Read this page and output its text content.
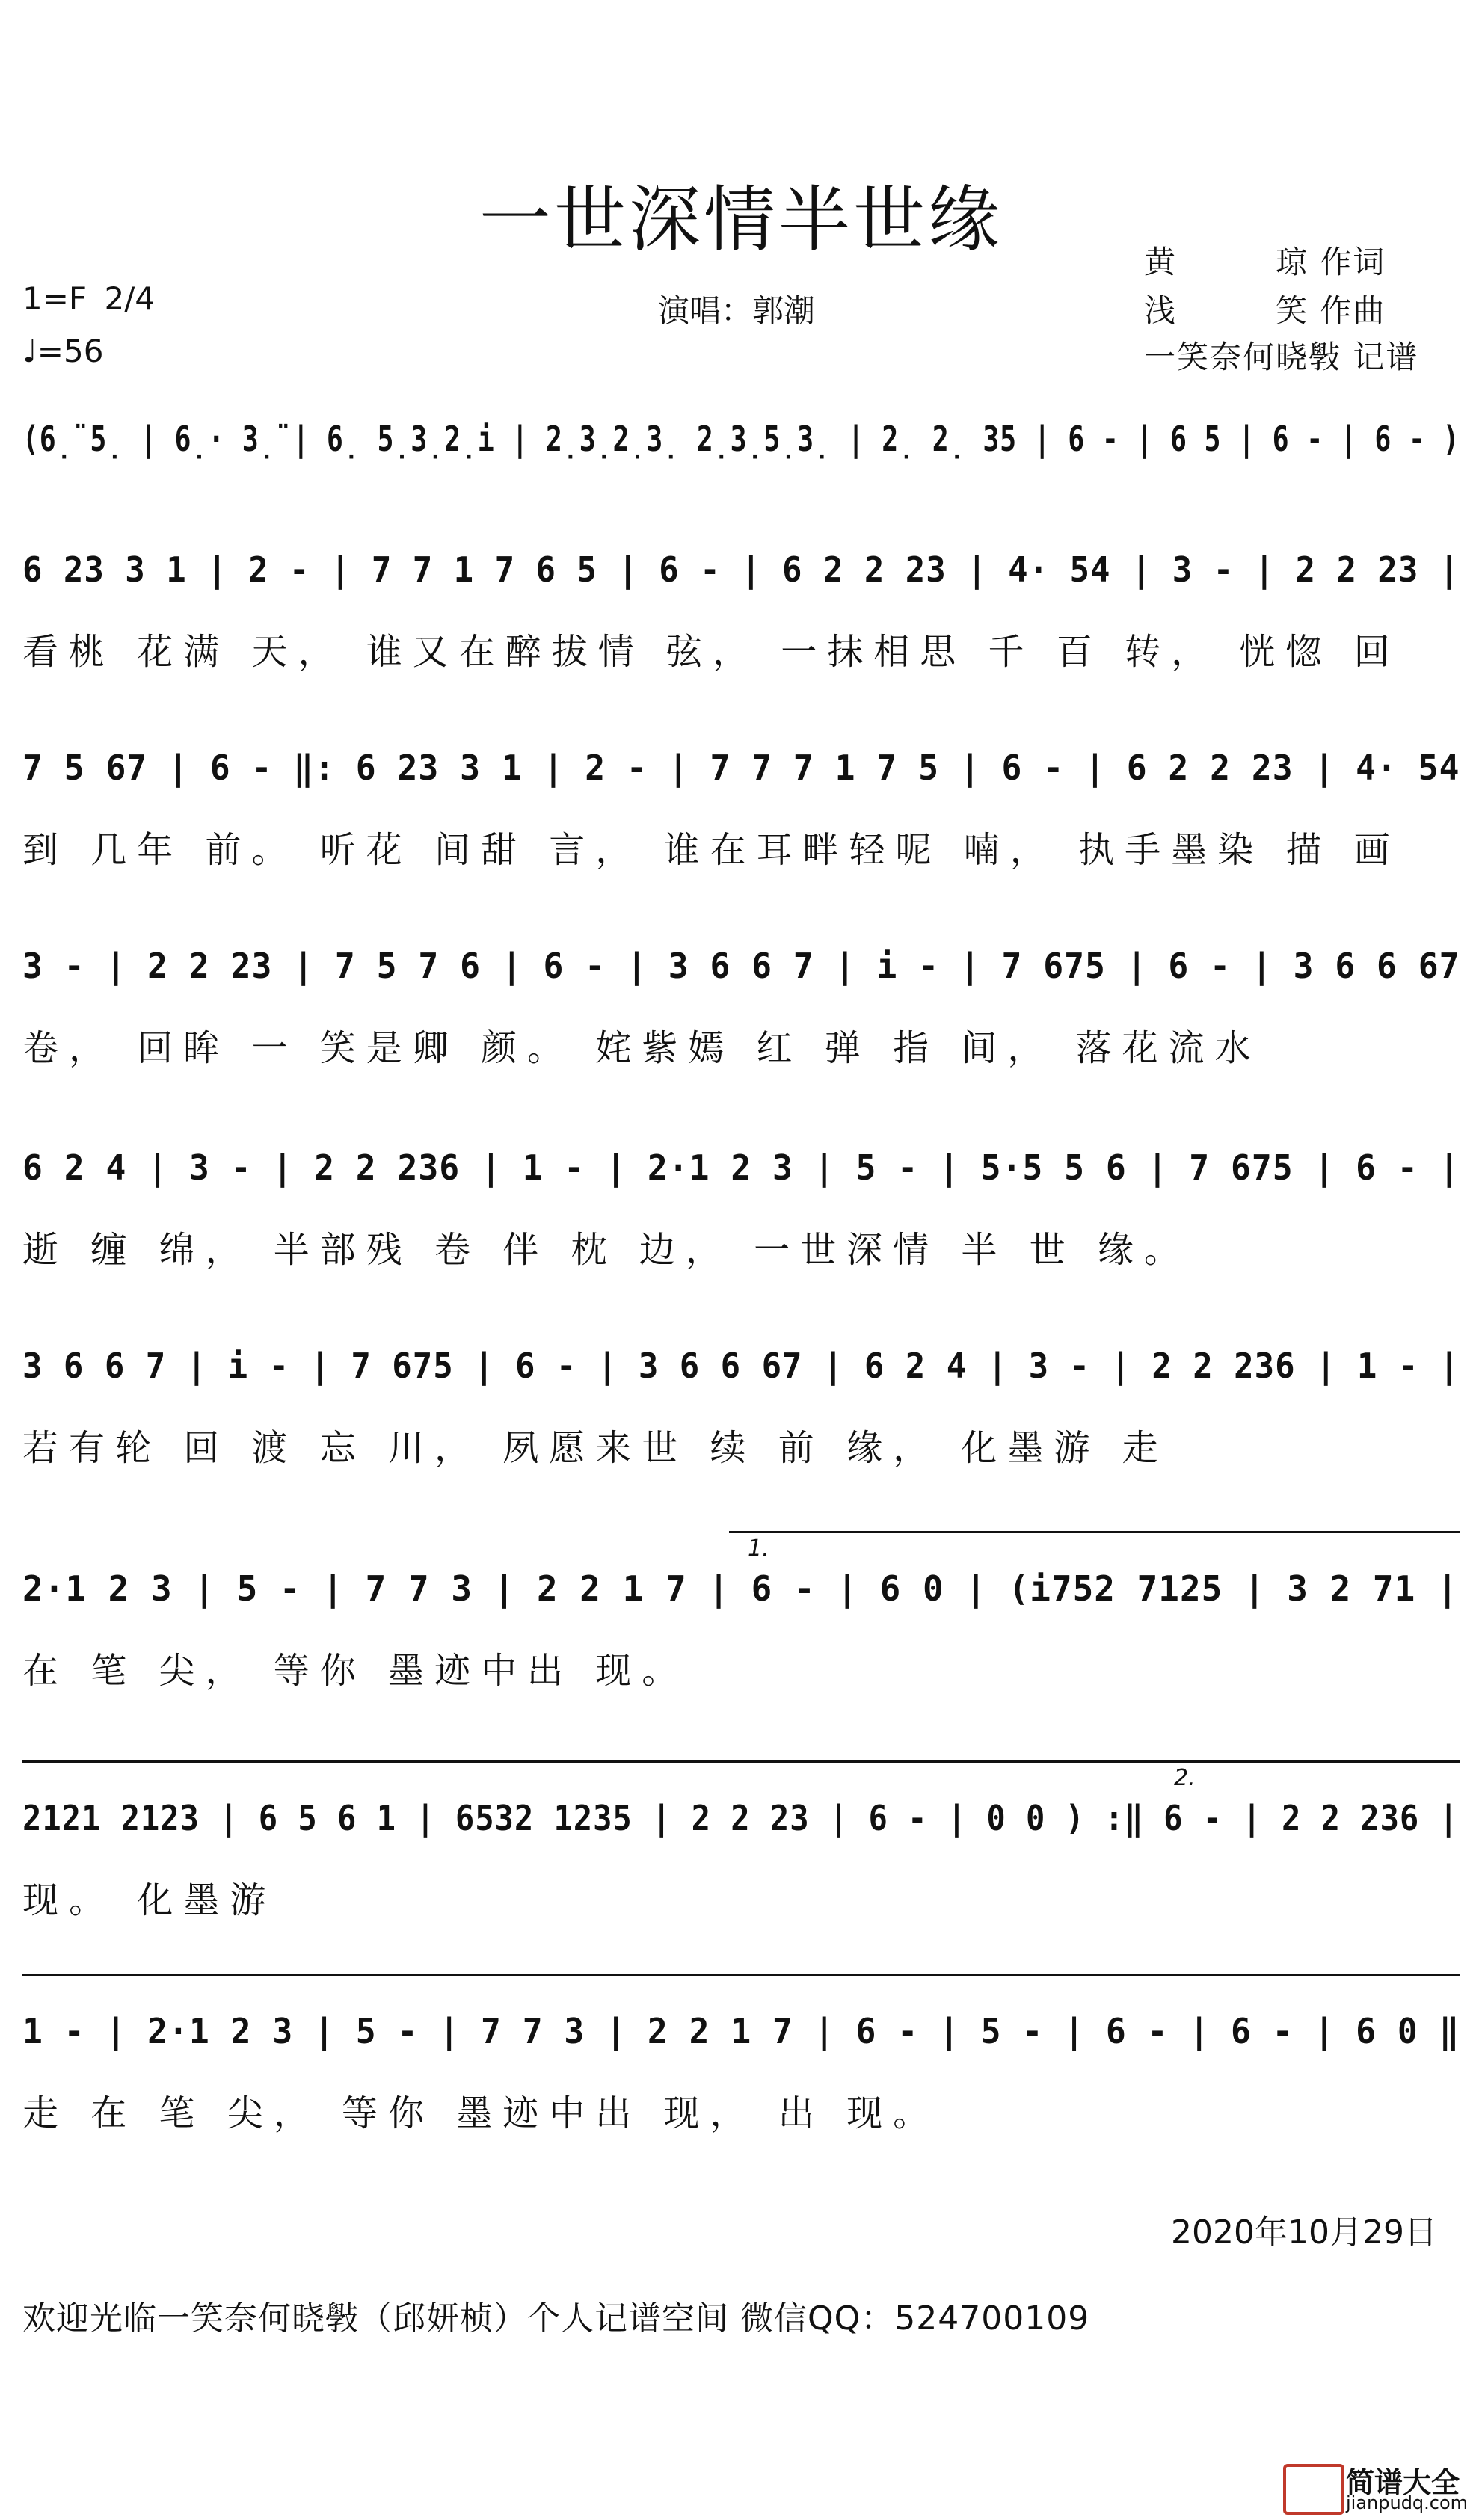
一世深情半世缘
1=F 2/4
♩=56
演唱：郭潮
黄　　　琼 作词
浅　　　笑 作曲
一笑奈何晓斅 记谱
(6̣̈ 5̣ | 6̣· 3̣̈ | 6̣ 5̣3̣2̣i | 2̣3̣2̣3̣ 2̣3̣5̣3̣ | 2̣ 2̣ 35 | 6 - | 6 5 | 6 - | 6 - )
6 23 3 1 | 2 - | 7 7 1 7 6 5 | 6 - | 6 2 2 23 | 4· 54 | 3 - | 2 2 23 |
看桃 花满 天， 谁又在醉拔情 弦， 一抹相思 千 百 转， 恍惚 回
7 5 67 | 6 - ‖: 6 23 3 1 | 2 - | 7 7 7 1 7 5 | 6 - | 6 2 2 23 | 4· 54
到 几年 前。 听花 间甜 言， 谁在耳畔轻呢 喃， 执手墨染 描 画
3 - | 2 2 23 | 7 5 7 6 | 6 - | 3 6 6 7 | i - | 7 675 | 6 - | 3 6 6 67
卷， 回眸 一 笑是卿 颜。 姹紫嫣 红 弹 指 间， 落花流水
6 2 4 | 3 - | 2 2 236 | 1 - | 2·1 2 3 | 5 - | 5·5 5 6 | 7 675 | 6 - |
逝 缠 绵， 半部残 卷 伴 枕 边， 一世深情 半 世 缘。
3 6 6 7 | i - | 7 675 | 6 - | 3 6 6 67 | 6 2 4 | 3 - | 2 2 236 | 1 - |
若有轮 回 渡 忘 川， 夙愿来世 续 前 缘， 化墨游 走
1.
2·1 2 3 | 5 - | 7 7 3 | 2 2 1 7 | 6 - | 6 0 | (i752 7125 | 3 2 71 |
在 笔 尖， 等你 墨迹中出 现。
2.
2121 2123 | 6 5 6 1 | 6532 1235 | 2 2 23 | 6 - | 0 0 ) :‖ 6 - | 2 2 236 |
现。 化墨游
1 - | 2·1 2 3 | 5 - | 7 7 3 | 2 2 1 7 | 6 - | 5 - | 6 - | 6 - | 6 0 ‖
走 在 笔 尖， 等你 墨迹中出 现， 出 现。
2020年10月29日
欢迎光临一笑奈何晓斅（邱妍桢）个人记谱空间 微信QQ：524700109
简谱大全
jianpudq.com
